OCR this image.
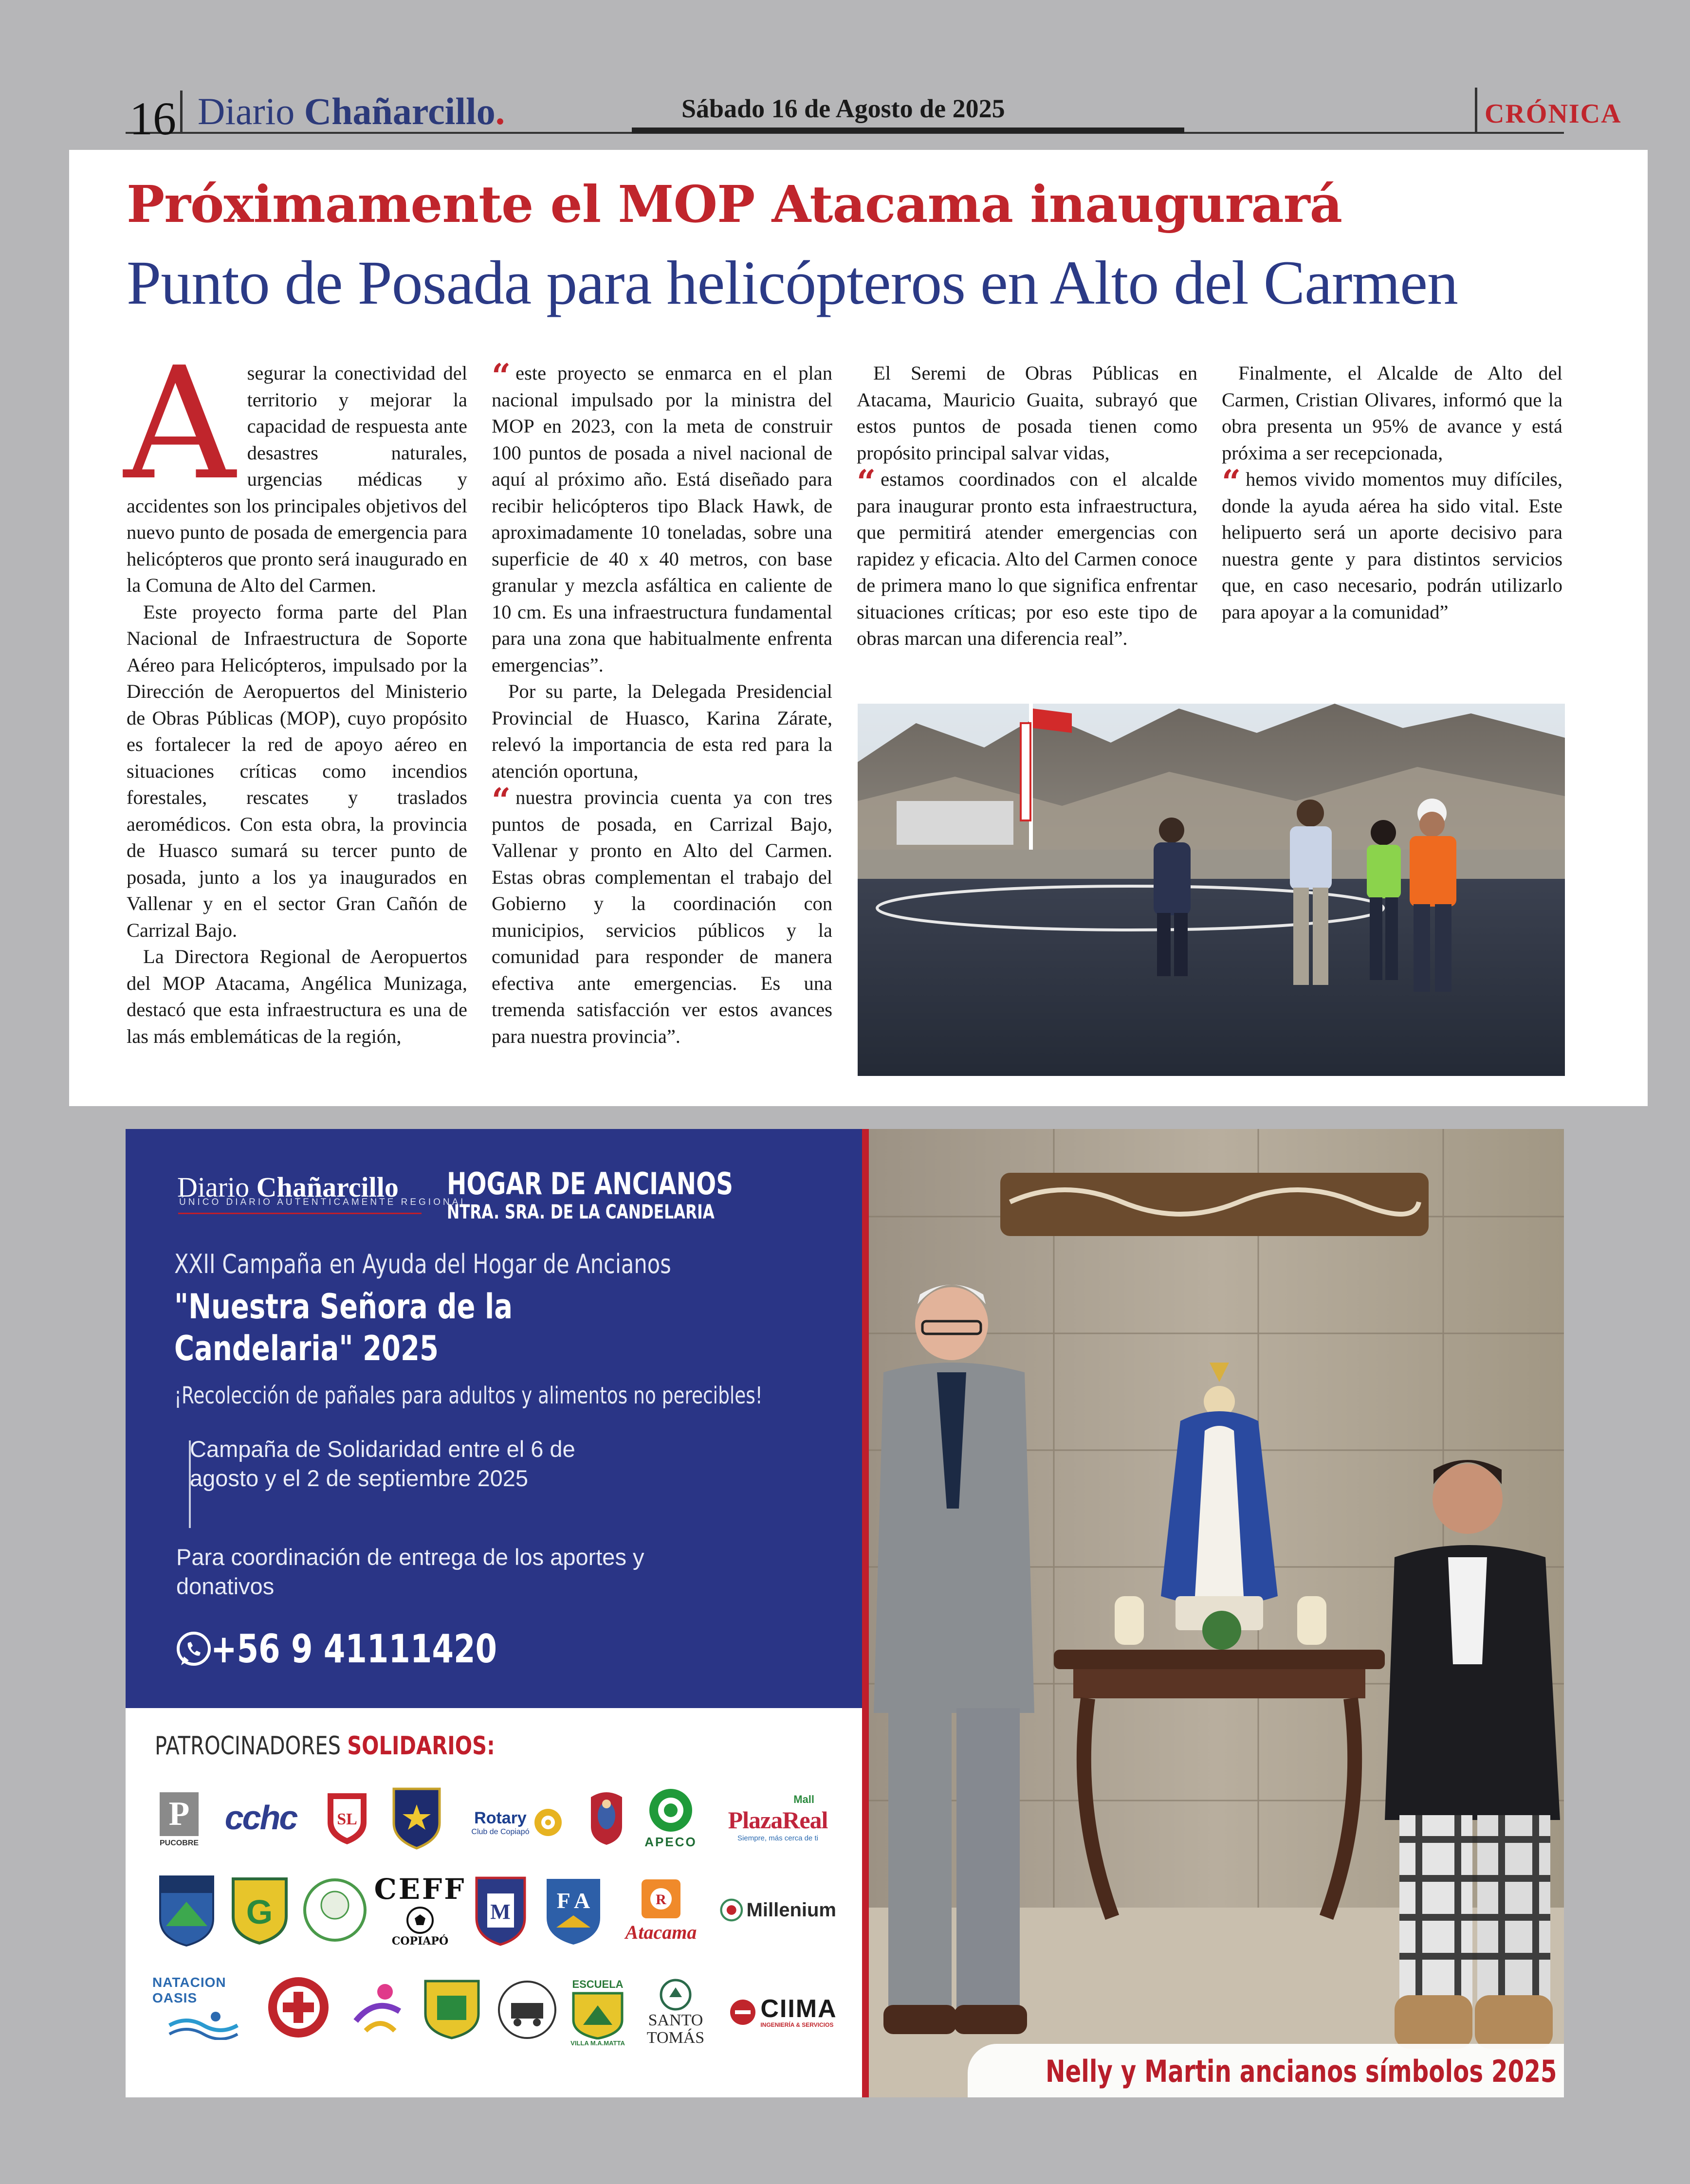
16 Diario Chañarcillo.	Sábado 16 de Agosto de 2025	CRÓNICA
Próximamente el MOP Atacama inaugurará
Punto de Posada para helicópteros en Alto del Carmen

Asegurar la conectividad del territorio y mejorar la capacidad de respuesta ante desastres naturales, urgencias médicas y accidentes son los principales objetivos del nuevo punto de posada de emergencia para helicópteros que pronto será inaugurado en la Comuna de Alto del Carmen.

Este proyecto forma parte del Plan Nacional de Infraestructura de Soporte Aéreo para Helicópteros, impulsado por la Dirección de Aeropuertos del Ministerio de Obras Públicas (MOP), cuyo propósito es fortalecer la red de apoyo aéreo en situaciones críticas como incendios forestales, rescates y traslados aeromédicos. Con esta obra, la provincia de Huasco sumará su tercer punto de posada, junto a los ya inaugurados en Vallenar y en el sector Gran Cañón de Carrizal Bajo.

La Directora Regional de Aeropuertos del MOP Atacama, Angélica Munizaga, destacó que esta infraestructura es una de las más emblemáticas de la región,

“ este proyecto se enmarca en el plan nacional impulsado por la ministra del MOP en 2023, con la meta de construir 100 puntos de posada a nivel nacional de aquí al próximo año. Está diseñado para recibir helicópteros tipo Black Hawk, de aproximadamente 10 toneladas, sobre una superficie de 40 x 40 metros, con base granular y mezcla asfáltica en caliente de 10 cm. Es una infraestructura fundamental para una zona que habitualmente enfrenta emergencias”.

Por su parte, la Delegada Presidencial Provincial de Huasco, Karina Zárate, relevó la importancia de esta red para la atención oportuna,

“ nuestra provincia cuenta ya con tres puntos de posada, en Carrizal Bajo, Vallenar y pronto en Alto del Carmen. Estas obras complementan el trabajo del Gobierno y la coordinación con municipios, servicios públicos y la comunidad para responder de manera efectiva ante emergencias. Es una tremenda satisfacción ver estos avances para nuestra provincia”.

El Seremi de Obras Públicas en Atacama, Mauricio Guaita, subrayó que estos puntos de posada tienen como propósito principal salvar vidas,

“ estamos coordinados con el alcalde para inaugurar pronto esta infraestructura, que permitirá atender emergencias con rapidez y eficacia. Alto del Carmen conoce de primera mano lo que significa enfrentar situaciones críticas; por eso este tipo de obras marcan una diferencia real”.

Finalmente, el Alcalde de Alto del Carmen, Cristian Olivares, informó que la obra presenta un 95% de avance y está próxima a ser recepcionada,

“ hemos vivido momentos muy difíciles, donde la ayuda aérea ha sido vital. Este helipuerto será un aporte decisivo para nuestra gente y para distintos servicios que, en caso necesario, podrán utilizarlo para apoyar a la comunidad”

Diario Chañarcillo
ÚNICO DIARIO AUTENTICAMENTE REGIONAL
HOGAR DE ANCIANOS
NTRA. SRA. DE LA CANDELARIA
XXII Campaña en Ayuda del Hogar de Ancianos
"Nuestra Señora de la Candelaria" 2025
¡Recolección de pañales para adultos y alimentos no perecibles!
Campaña de Solidaridad entre el 6 de agosto y el 2 de septiembre 2025
Para coordinación de entrega de los aportes y donativos
+56 9 41111420
PATROCINADORES SOLIDARIOS:
P
PUCOBRE
cchc SL	Rotary
Club de Copiapó
APECO
Mall
PlazaReal
Siempre, más cerca de ti
G
CEFF
COPIAPÓ
M F A	R
Atacama
Millenium
NATACION OASIS
ESCUELA
VILLA M.A.MATTA
SANTO TOMÁS
CIIMA
INGENIERÍA & SERVICIOS
Nelly y Martin ancianos símbolos 2025
